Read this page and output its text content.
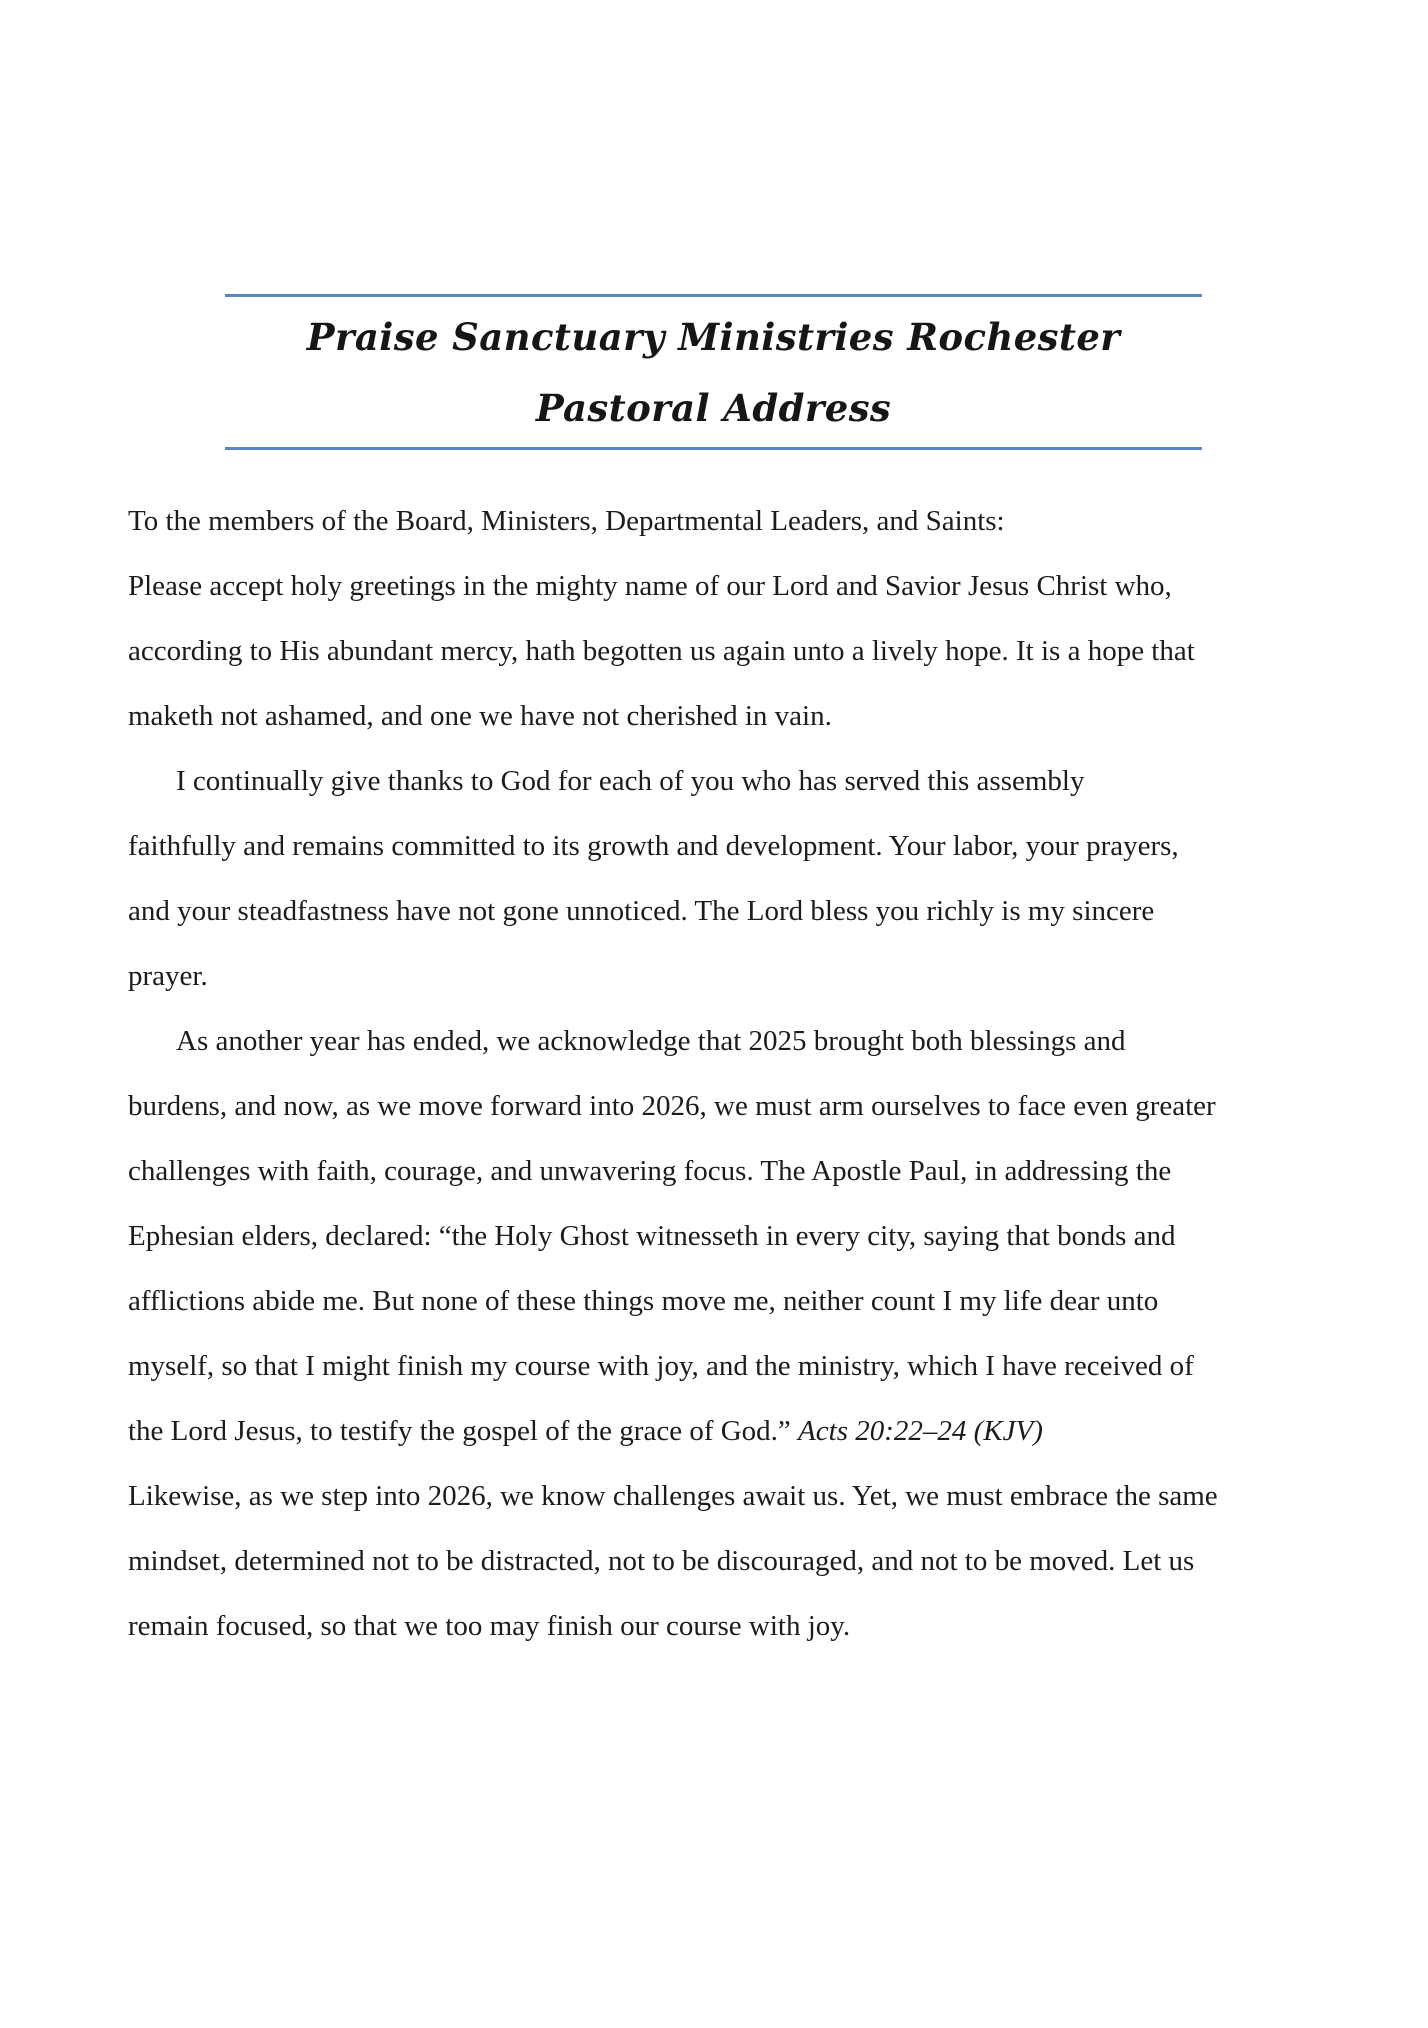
Praise Sanctuary Ministries Rochester
Pastoral Address
To the members of the Board, Ministers, Departmental Leaders, and Saints:
Please accept holy greetings in the mighty name of our Lord and Savior Jesus Christ who,
according to His abundant mercy, hath begotten us again unto a lively hope. It is a hope that
maketh not ashamed, and one we have not cherished in vain.
I continually give thanks to God for each of you who has served this assembly
faithfully and remains committed to its growth and development. Your labor, your prayers,
and your steadfastness have not gone unnoticed. The Lord bless you richly is my sincere
prayer.
As another year has ended, we acknowledge that 2025 brought both blessings and
burdens, and now, as we move forward into 2026, we must arm ourselves to face even greater
challenges with faith, courage, and unwavering focus. The Apostle Paul, in addressing the
Ephesian elders, declared: “the Holy Ghost witnesseth in every city, saying that bonds and
afflictions abide me. But none of these things move me, neither count I my life dear unto
myself, so that I might finish my course with joy, and the ministry, which I have received of
the Lord Jesus, to testify the gospel of the grace of God.” Acts 20:22–24 (KJV)
Likewise, as we step into 2026, we know challenges await us. Yet, we must embrace the same
mindset, determined not to be distracted, not to be discouraged, and not to be moved. Let us
remain focused, so that we too may finish our course with joy.
